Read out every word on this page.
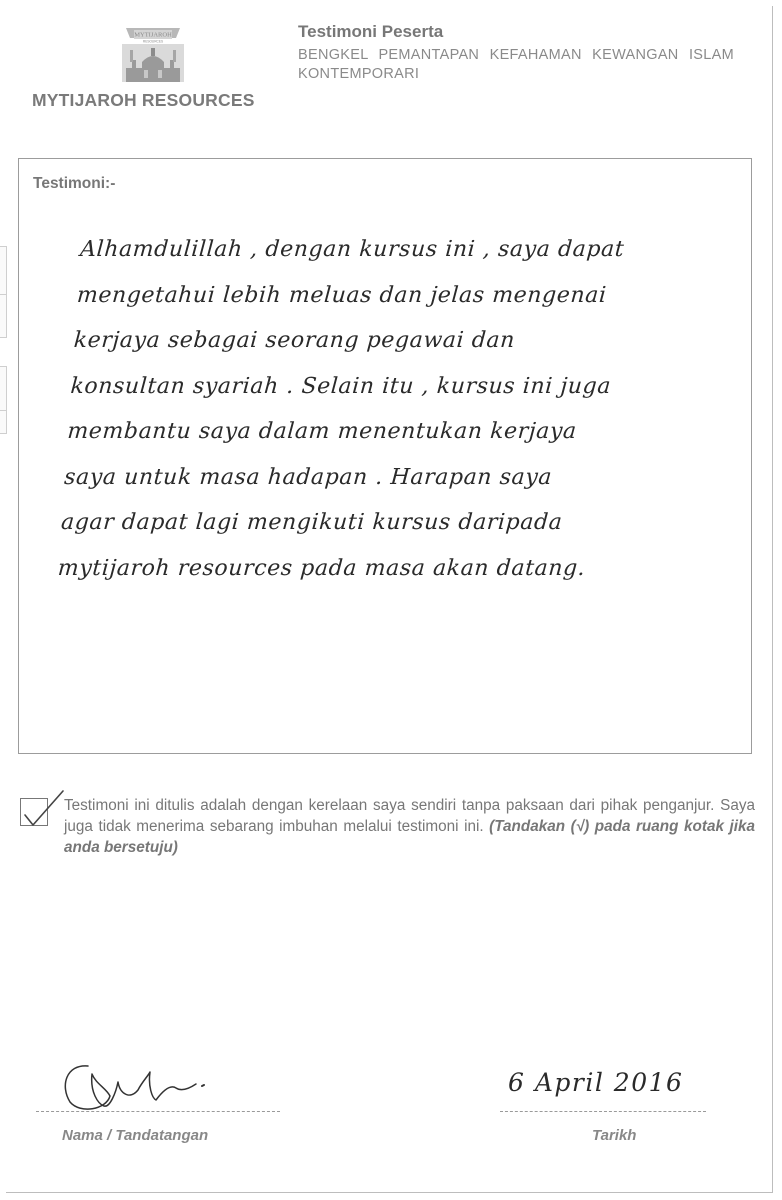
MYTIJAROH
RESOURCES
MYTIJAROH RESOURCES
Testimoni Peserta
BENGKEL PEMANTAPAN KEFAHAMAN KEWANGAN ISLAM KONTEMPORARI
Testimoni:-
Alhamdulillah , dengan kursus ini , saya dapat
mengetahui lebih meluas dan jelas mengenai
kerjaya sebagai seorang pegawai dan
konsultan syariah . Selain itu , kursus ini juga
membantu saya dalam menentukan kerjaya
saya untuk masa hadapan . Harapan saya
agar dapat lagi mengikuti kursus daripada
mytijaroh resources pada masa akan datang.
Testimoni ini ditulis adalah dengan kerelaan saya sendiri tanpa paksaan dari pihak penganjur. Saya juga tidak menerima sebarang imbuhan melalui testimoni ini. (Tandakan (√) pada ruang kotak jika anda bersetuju)
Nama / Tandatangan
6 April 2016
Tarikh
